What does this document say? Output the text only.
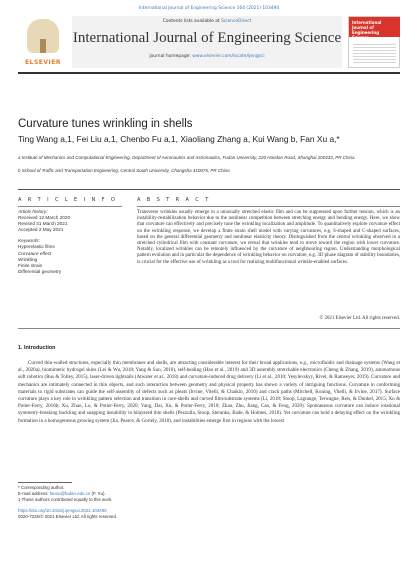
International Journal of Engineering Science 164 (2021) 103490
ELSEVIER
Contents lists available at ScienceDirect
International Journal of Engineering Science
journal homepage: www.elsevier.com/locate/ijengsci
International Journal of Engineering Science
Curvature tunes wrinkling in shells
Ting Wang a,1, Fei Liu a,1, Chenbo Fu a,1, Xiaoliang Zhang a, Kui Wang b, Fan Xu a,*
a Institute of Mechanics and Computational Engineering, Department of Aeronautics and Astronautics, Fudan University, 220 Handan Road, Shanghai 200433, PR China
b School of Traffic and Transportation Engineering, Central South University, Changsha 410075, PR China
A R T I C L E I N F O	A B S T R A C T
Article history:
Received 12 March 2020
Revised 31 March 2021
Accepted 2 May 2021
Keywords:
Hyperelastic films
Curvature effect
Wrinkling
Finite strain
Differential geometry
Transverse wrinkles usually emerge in a uniaxially stretched elastic film and can be suppressed upon further tension, which is an instability-restabilization behavior due to the nonlinear competition between stretching energy and bending energy. Here, we show that curvature can effectively and precisely tune the wrinkling localization and amplitude. To quantitatively explore curvature effect on the wrinkling response, we develop a finite strain shell model with varying curvatures, e.g. S-shaped and C-shaped surfaces, based on the general differential geometry and nonlinear elasticity theory. Distinguished from the central wrinkling observed in a stretched cylindrical film with constant curvature, we reveal that wrinkles tend to move toward the region with lower curvature. Notably, localized wrinkles can be remotely influenced by the curvature of neighbouring region. Understanding morphological pattern evolution and in particular the dependence of wrinkling behavior on curvature, e.g. 3D phase diagram of stability boundaries, is crucial for the effective use of wrinkling as a tool for realizing multifunctional wrinkle-enabled surfaces.
© 2021 Elsevier Ltd. All rights reserved.
1. Introduction
Curved thin-walled structures, especially thin membranes and shells, are attracting considerable interest for their broad applications, e.g., microfluidic and drainage systems (Wang et al., 2020a), biomimetic hydrogel skins (Lei & Wu, 2018; Yang & Suo, 2018), self-healing (Hao et al., 2019) and 3D assembly stretchable electronics (Cheng & Zhang, 2019), autonomous soft robotics (Rus & Tolley, 2015), laser-driven lightsails (Atwater et al., 2018) and curvature-induced drug delivery (Li et al., 2010; Yesylevskyy, Rivel, & Ramseyer, 2019). Curvature and mechanics are intimately connected in thin objects, and such interaction between geometry and physical property has shown a variety of intriguing functions. Curvature in conforming materials to rigid substrates can guide the self-assembly of defects such as pleats (Irvine, Vitelli, & Chaikin, 2010) and crack paths (Mitchell, Koning, Vitelli, & Irvine, 2017). Surface curvature plays a key role in wrinkling pattern selection and transition in core-shells and curved film/substrate systems (Li, 2018; Stoop, Lagrange, Terwagne, Reis, & Dunkel, 2015; Xu & Potier-Ferry, 2016b; Xu, Zhao, Lu, & Potier-Ferry, 2020; Yang, Dai, Xu, & Potier-Ferry, 2018; Zhao, Zhu, Jiang, Cao, & Feng, 2020). Spontaneous curvature can induce rotational symmetry-breaking buckling and snapping instability in bilayered thin shells (Pezzulla, Stoop, Steranka, Bade, & Holmes, 2018). Yet curvature can hold a delaying effect on the wrinkling formation in a homogeneous growing system (Jia, Pearce, & Goriely, 2018), and instabilities emerge first in regions with the lowest
* Corresponding author.
E-mail address: fanxu@fudan.edu.cn (F. Xu).
1 These authors contributed equally to this work.
https://doi.org/10.1016/j.ijengsci.2021.103490
0020-7225/© 2021 Elsevier Ltd. All rights reserved.
